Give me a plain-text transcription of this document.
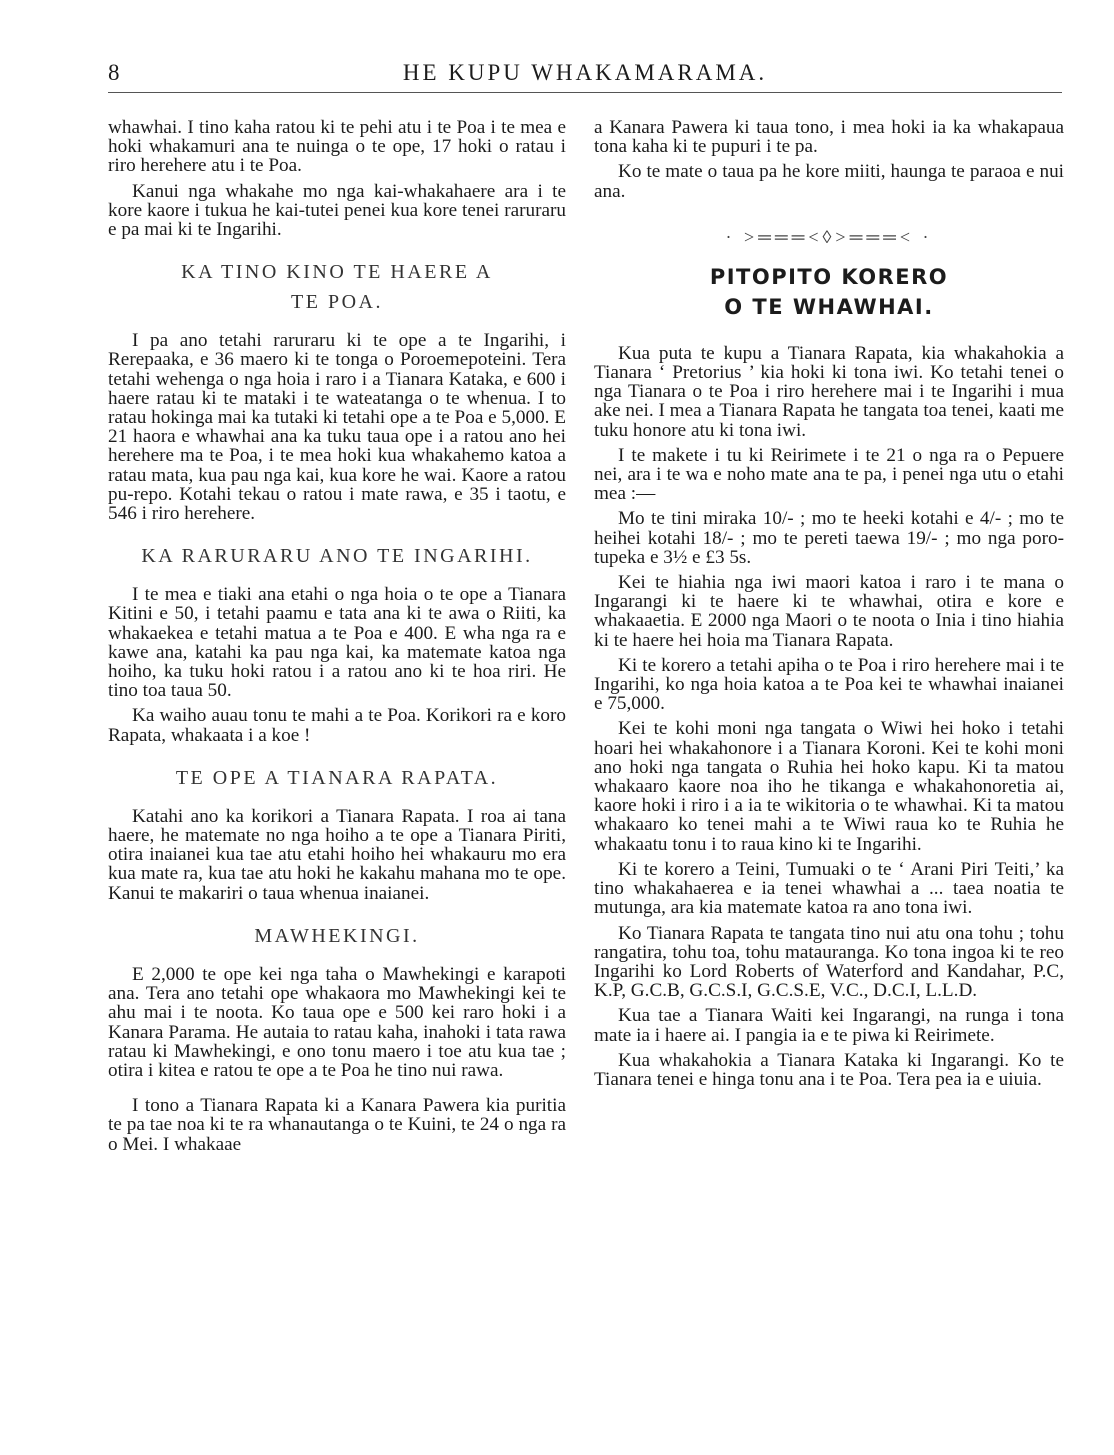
8	HE KUPU WHAKAMARAMA.

whawhai. I tino kaha ratou ki te pehi atu i te Poa i te mea e hoki whakamuri ana te nuinga o te ope, 17 hoki o ratau i riro herehere atu i te Poa.

Kanui nga whakahe mo nga kai-whakahaere ara i te kore kaore i tukua he kai-tutei penei kua kore tenei raruraru e pa mai ki te Ingarihi.

KA TINO KINO TE HAERE A TE POA.

I pa ano tetahi raruraru ki te ope a te Ingarihi, i Rerepaaka, e 36 maero ki te tonga o Poroemepoteini. Tera tetahi wehenga o nga hoia i raro i a Tianara Kataka, e 600 i haere ratau ki te mataki i te wateatanga o te whenua. I to ratau hokinga mai ka tutaki ki tetahi ope a te Poa e 5,000. E 21 haora e whawhai ana ka tuku taua ope i a ratou ano hei herehere ma te Poa, i te mea hoki kua whakahemo katoa a ratau mata, kua pau nga kai, kua kore he wai. Kaore a ratou pu-repo. Kotahi tekau o ratou i mate rawa, e 35 i taotu, e 546 i riro herehere.

KA RARURARU ANO TE INGARIHI.

I te mea e tiaki ana etahi o nga hoia o te ope a Tianara Kitini e 50, i tetahi paamu e tata ana ki te awa o Riiti, ka whakaekea e tetahi matua a te Poa e 400. E wha nga ra e kawe ana, katahi ka pau nga kai, ka matemate katoa nga hoiho, ka tuku hoki ratou i a ratou ano ki te hoa riri. He tino toa taua 50.

Ka waiho auau tonu te mahi a te Poa. Korikori ra e koro Rapata, whakaata i a koe !

TE OPE A TIANARA RAPATA.

Katahi ano ka korikori a Tianara Rapata. I roa ai tana haere, he matemate no nga hoiho a te ope a Tianara Piriti, otira inaianei kua tae atu etahi hoiho hei whakauru mo era kua mate ra, kua tae atu hoki he kakahu mahana mo te ope. Kanui te makariri o taua whenua inaianei.

MAWHEKINGI.

E 2,000 te ope kei nga taha o Mawhekingi e karapoti ana. Tera ano tetahi ope whakaora mo Mawhekingi kei te ahu mai i te noota. Ko taua ope e 500 kei raro hoki i a Kanara Parama. He autaia to ratau kaha, inahoki i tata rawa ratau ki Mawhekingi, e ono tonu maero i toe atu kua tae ; otira i kitea e ratou te ope a te Poa he tino nui rawa.

I tono a Tianara Rapata ki a Kanara Pawera kia puritia te pa tae noa ki te ra whanautanga o te Kuini, te 24 o nga ra o Mei. I whakaae

a Kanara Pawera ki taua tono, i mea hoki ia ka whakapaua tona kaha ki te pupuri i te pa.

Ko te mate o taua pa he kore miiti, haunga te paraoa e nui ana.

· >═══<◊>═══< ·
PITOPITO KORERO
O TE WHAWHAI.

Kua puta te kupu a Tianara Rapata, kia whakahokia a Tianara ‘ Pretorius ’ kia hoki ki tona iwi. Ko tetahi tenei o nga Tianara o te Poa i riro herehere mai i te Ingarihi i mua ake nei. I mea a Tianara Rapata he tangata toa tenei, kaati me tuku honore atu ki tona iwi.

I te makete i tu ki Reirimete i te 21 o nga ra o Pepuere nei, ara i te wa e noho mate ana te pa, i penei nga utu o etahi mea :—

Mo te tini miraka 10/- ; mo te heeki kotahi e 4/- ; mo te heihei kotahi 18/- ; mo te pereti taewa 19/- ; mo nga poro-tupeka e 3½ e £3 5s.

Kei te hiahia nga iwi maori katoa i raro i te mana o Ingarangi ki te haere ki te whawhai, otira e kore e whakaaetia. E 2000 nga Maori o te noota o Inia i tino hiahia ki te haere hei hoia ma Tianara Rapata.

Ki te korero a tetahi apiha o te Poa i riro herehere mai i te Ingarihi, ko nga hoia katoa a te Poa kei te whawhai inaianei e 75,000.

Kei te kohi moni nga tangata o Wiwi hei hoko i tetahi hoari hei whakahonore i a Tianara Koroni. Kei te kohi moni ano hoki nga tangata o Ruhia hei hoko kapu. Ki ta matou whakaaro kaore noa iho he tikanga e whakahonoretia ai, kaore hoki i riro i a ia te wikitoria o te whawhai. Ki ta matou whakaaro ko tenei mahi a te Wiwi raua ko te Ruhia he whakaatu tonu i to raua kino ki te Ingarihi.

Ki te korero a Teini, Tumuaki o te ‘ Arani Piri Teiti,’ ka tino whakahaerea e ia tenei whawhai a ... taea noatia te mutunga, ara kia matemate katoa ra ano tona iwi.

Ko Tianara Rapata te tangata tino nui atu ona tohu ; tohu rangatira, tohu toa, tohu matauranga. Ko tona ingoa ki te reo Ingarihi ko Lord Roberts of Waterford and Kandahar, P.C, K.P, G.C.B, G.C.S.I, G.C.S.E, V.C., D.C.I, L.L.D.

Kua tae a Tianara Waiti kei Ingarangi, na runga i tona mate ia i haere ai. I pangia ia e te piwa ki Reirimete.

Kua whakahokia a Tianara Kataka ki Ingarangi. Ko te Tianara tenei e hinga tonu ana i te Poa. Tera pea ia e uiuia.
